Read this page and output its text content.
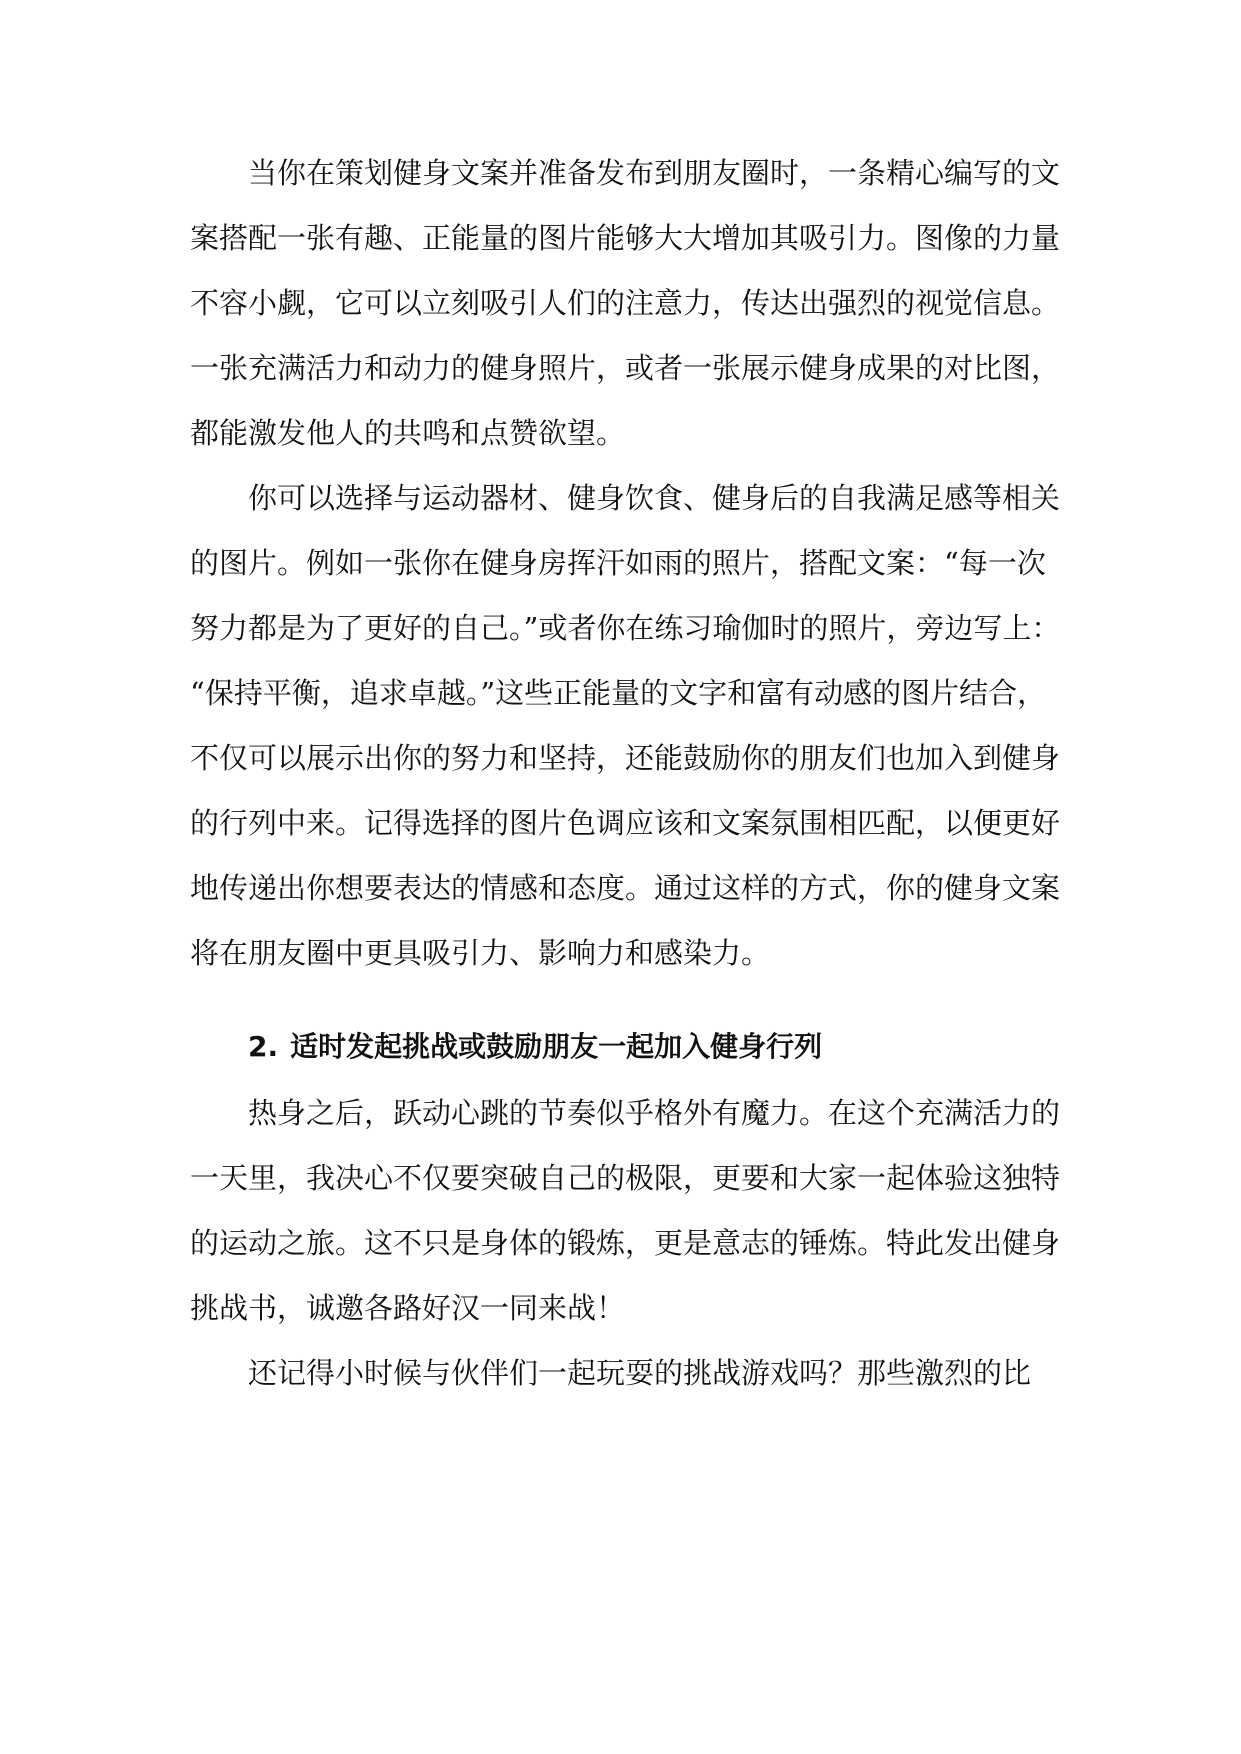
当你在策划健身文案并准备发布到朋友圈时，一条精心编写的文
案搭配一张有趣、正能量的图片能够大大增加其吸引力。图像的力量
不容小觑，它可以立刻吸引人们的注意力，传达出强烈的视觉信息。
一张充满活力和动力的健身照片，或者一张展示健身成果的对比图，
都能激发他人的共鸣和点赞欲望。
你可以选择与运动器材、健身饮食、健身后的自我满足感等相关
的图片。例如一张你在健身房挥汗如雨的照片，搭配文案：“每一次
努力都是为了更好的自己。”或者你在练习瑜伽时的照片，旁边写上：
“保持平衡，追求卓越。”这些正能量的文字和富有动感的图片结合，
不仅可以展示出你的努力和坚持，还能鼓励你的朋友们也加入到健身
的行列中来。记得选择的图片色调应该和文案氛围相匹配，以便更好
地传递出你想要表达的情感和态度。通过这样的方式，你的健身文案
将在朋友圈中更具吸引力、影响力和感染力。
2. 适时发起挑战或鼓励朋友一起加入健身行列
热身之后，跃动心跳的节奏似乎格外有魔力。在这个充满活力的
一天里，我决心不仅要突破自己的极限，更要和大家一起体验这独特
的运动之旅。这不只是身体的锻炼，更是意志的锤炼。特此发出健身
挑战书，诚邀各路好汉一同来战！
还记得小时候与伙伴们一起玩耍的挑战游戏吗？那些激烈的比
